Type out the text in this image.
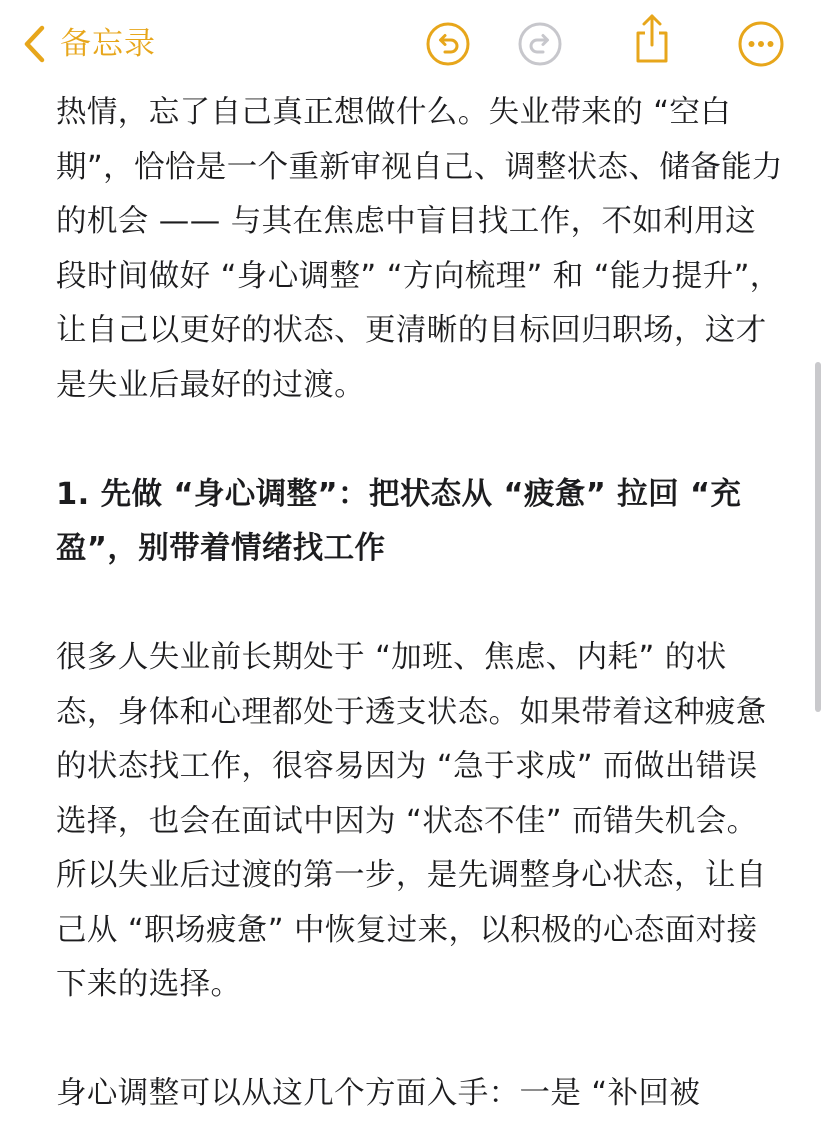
备忘录

热情，忘了自己真正想做什么。失业带来的 “空白期”，恰恰是一个重新审视自己、调整状态、储备能力的机会 —— 与其在焦虑中盲目找工作，不如利用这段时间做好 “身心调整” “方向梳理” 和 “能力提升”，让自己以更好的状态、更清晰的目标回归职场，这才是失业后最好的过渡。

1. 先做 “身心调整”：把状态从 “疲惫” 拉回 “充盈”，别带着情绪找工作

很多人失业前长期处于 “加班、焦虑、内耗” 的状态，身体和心理都处于透支状态。如果带着这种疲惫的状态找工作，很容易因为 “急于求成” 而做出错误选择，也会在面试中因为 “状态不佳” 而错失机会。所以失业后过渡的第一步，是先调整身心状态，让自己从 “职场疲惫” 中恢复过来，以积极的心态面对接下来的选择。

身心调整可以从这几个方面入手：一是 “补回被
